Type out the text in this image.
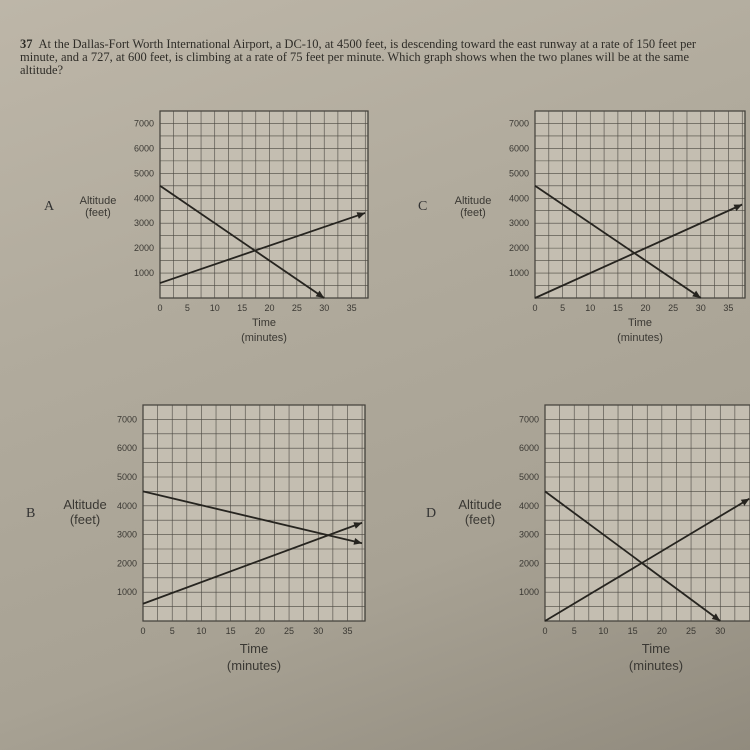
37 At the Dallas-Fort Worth International Airport, a DC-10, at 4500 feet, is descending toward the east runway at a rate of 150 feet per minute, and a 727, at 600 feet, is climbing at a rate of 75 feet per minute. Which graph shows when the two planes will be at the same altitude?
A	C
B	D
0 5 10 15 20 25 30 35
1000
2000
3000
4000
5000
6000
7000
Altitude
(feet)
Time
(minutes)
0	5 10 15 20 25 30 35
1000
2000
3000
4000
5000
6000
7000
Altitude
(feet)
Time
(minutes)
0	5 10 15 20 25 30 35
1000
2000
3000
4000
5000
6000
7000
Altitude
(feet)
Time
(minutes)
0	5 10 15 20 25 30
1000
2000
3000
4000
5000
6000
7000
Altitude
(feet)
Time
(minutes)
